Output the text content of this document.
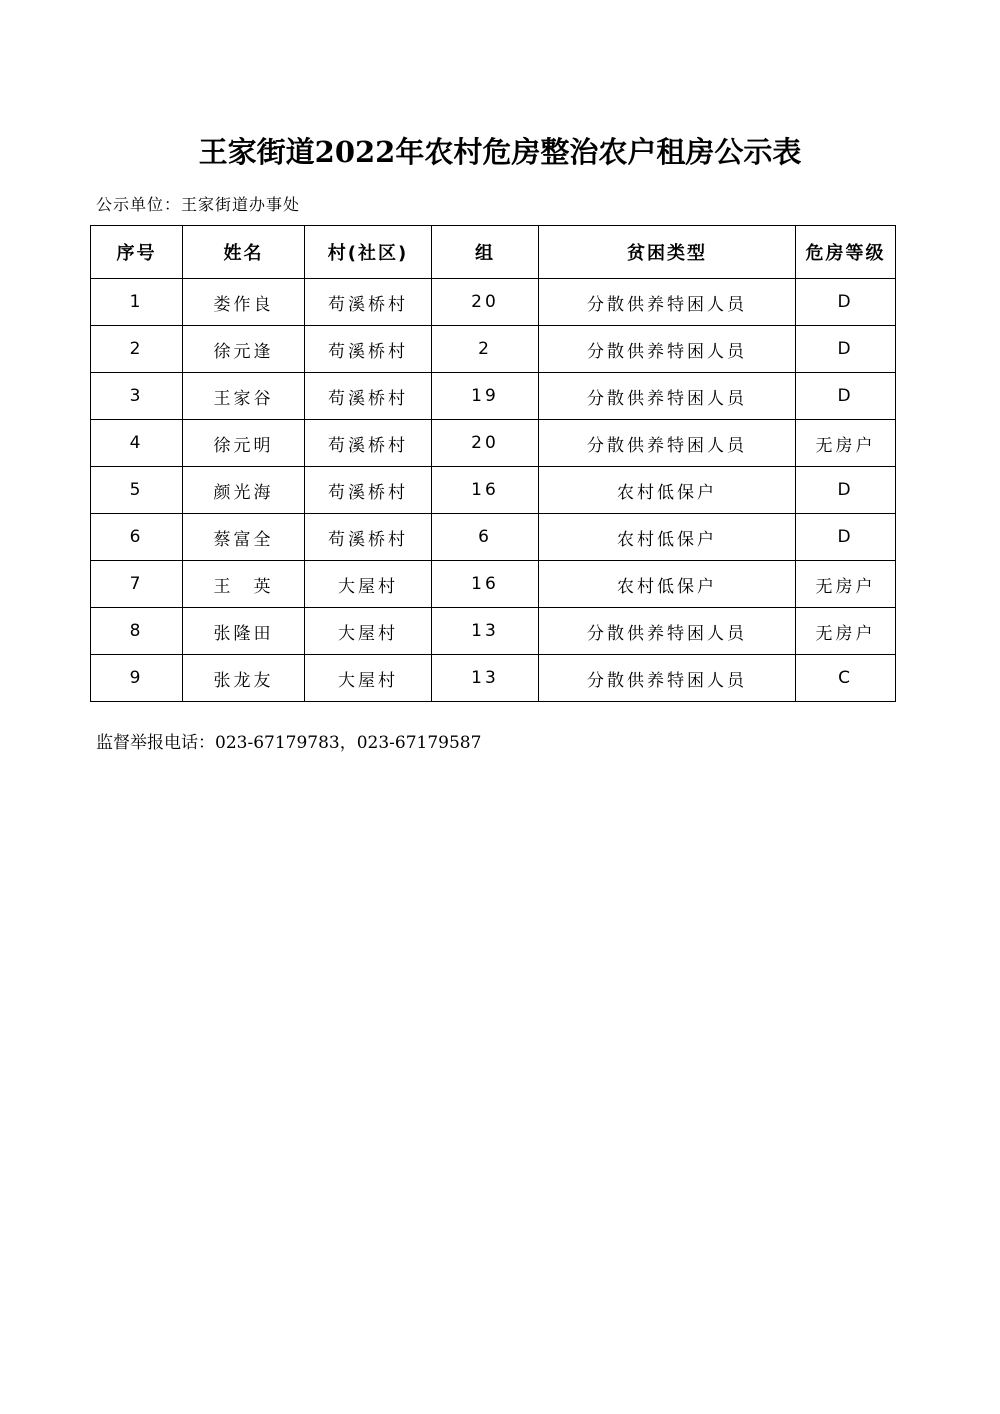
王家街道2022年农村危房整治农户租房公示表
公示单位：王家街道办事处
序号	姓名	村(社区)	组	贫困类型	危房等级
1	娄作良	苟溪桥村	20	分散供养特困人员	D
2	徐元逢	苟溪桥村	2	分散供养特困人员	D
3	王家谷	苟溪桥村	19	分散供养特困人员	D
4	徐元明	苟溪桥村	20	分散供养特困人员	无房户
5	颜光海	苟溪桥村	16	农村低保户	D
6	蔡富全	苟溪桥村	6	农村低保户	D
7	王　英	大屋村	16	农村低保户	无房户
8	张隆田	大屋村	13	分散供养特困人员	无房户
9	张龙友	大屋村	13	分散供养特困人员	C
监督举报电话：023-67179783，023-67179587
